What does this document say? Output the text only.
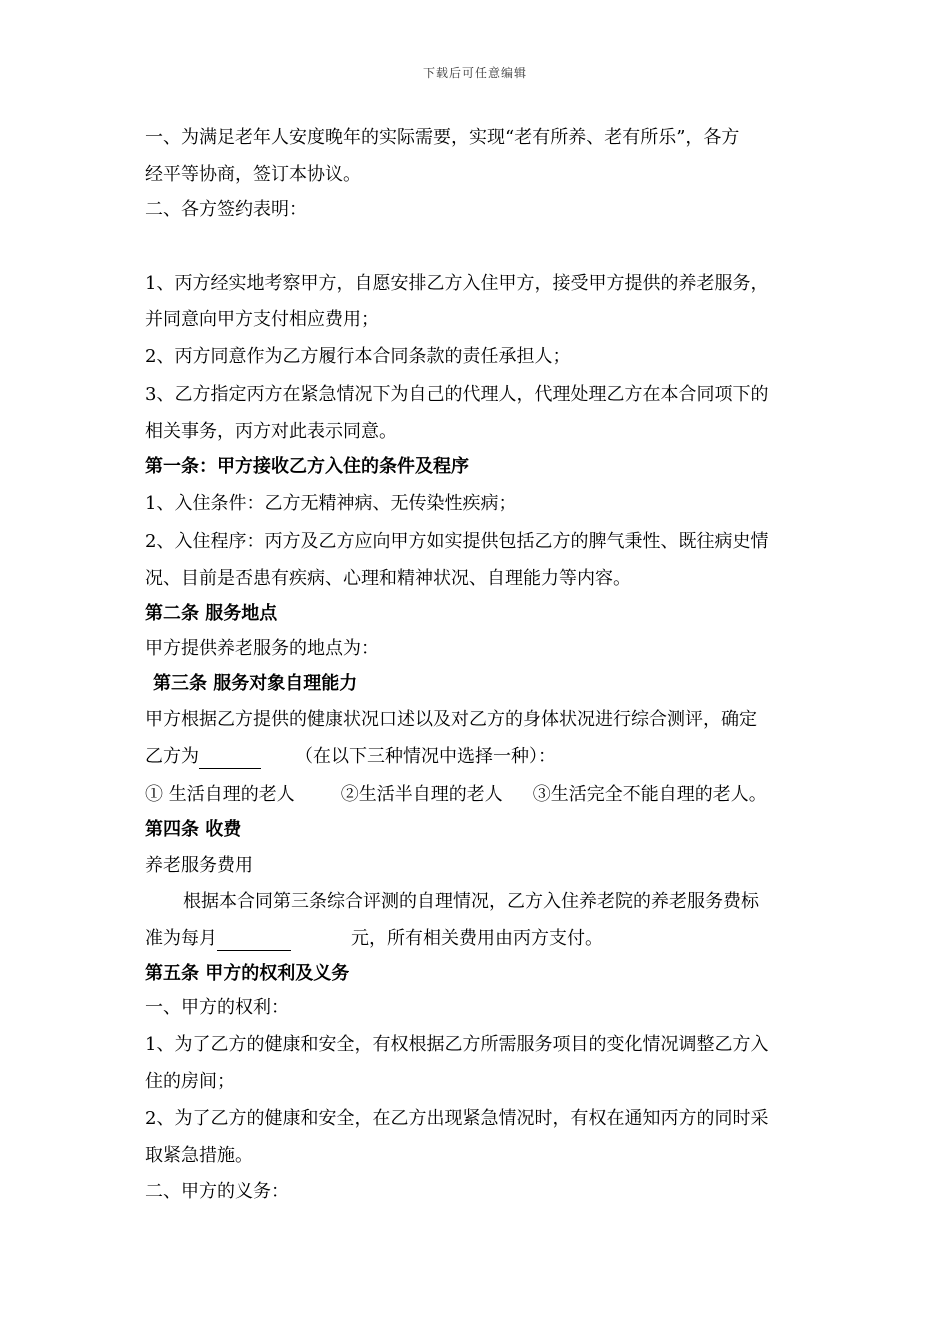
下载后可任意编辑
一、为满足老年人安度晚年的实际需要，实现“老有所养、老有所乐”，各方
经平等协商，签订本协议。
二、各方签约表明：
1、丙方经实地考察甲方，自愿安排乙方入住甲方，接受甲方提供的养老服务，
并同意向甲方支付相应费用；
2、丙方同意作为乙方履行本合同条款的责任承担人；
3、乙方指定丙方在紧急情况下为自己的代理人，代理处理乙方在本合同项下的
相关事务，丙方对此表示同意。
第一条：甲方接收乙方入住的条件及程序
1、入住条件：乙方无精神病、无传染性疾病；
2、入住程序：丙方及乙方应向甲方如实提供包括乙方的脾气秉性、既往病史情
况、目前是否患有疾病、心理和精神状况、自理能力等内容。
第二条 服务地点
甲方提供养老服务的地点为：
第三条 服务对象自理能力
甲方根据乙方提供的健康状况口述以及对乙方的身体状况进行综合测评，确定
乙方为	（在以下三种情况中选择一种）：
① 生活自理的老人	②生活半自理的老人 ③生活完全不能自理的老人。
第四条 收费
养老服务费用
根据本合同第三条综合评测的自理情况，乙方入住养老院的养老服务费标
准为每月	元，所有相关费用由丙方支付。
第五条 甲方的权利及义务
一、甲方的权利：
1、为了乙方的健康和安全，有权根据乙方所需服务项目的变化情况调整乙方入
住的房间；
2、为了乙方的健康和安全，在乙方出现紧急情况时，有权在通知丙方的同时采
取紧急措施。
二、甲方的义务：
